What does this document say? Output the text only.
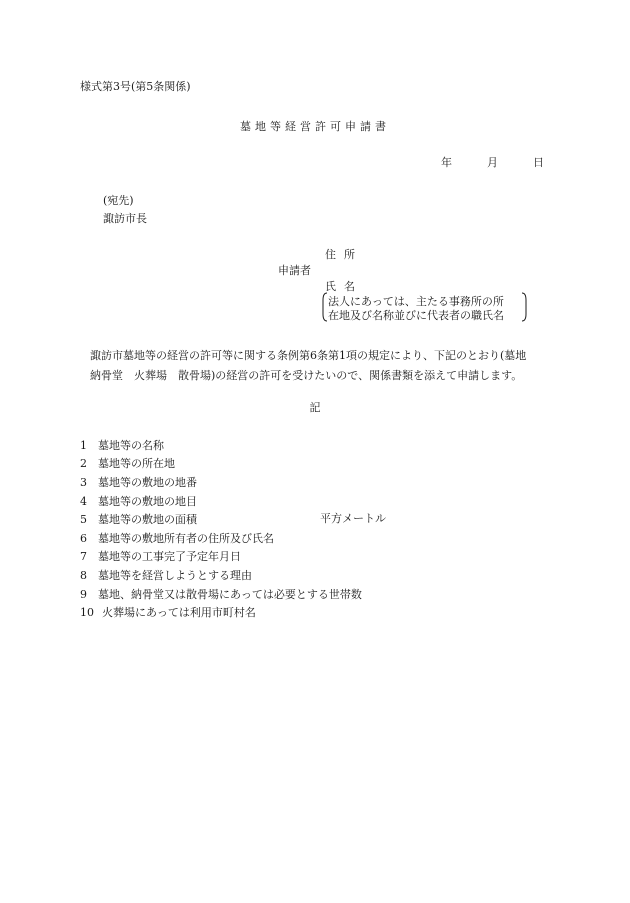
様式第3号(第5条関係)
墓地等経営許可申請書
年	月	日
(宛先)
諏訪市長
申請者
住所
氏名
法人にあっては、主たる事務所の所
在地及び名称並びに代表者の職氏名

諏訪市墓地等の経営の許可等に関する条例第6条第1項の規定により、下記のとおり(墓地

納骨堂　火葬場　散骨場)の経営の許可を受けたいので、関係書類を添えて申請します。

記
1	墓地等の名称
2	墓地等の所在地
3	墓地等の敷地の地番
4	墓地等の敷地の地目
5	墓地等の敷地の面積
6	墓地等の敷地所有者の住所及び氏名
7	墓地等の工事完了予定年月日
8	墓地等を経営しようとする理由
9	墓地、納骨堂又は散骨場にあっては必要とする世帯数
10 火葬場にあっては利用市町村名
平方メートル
